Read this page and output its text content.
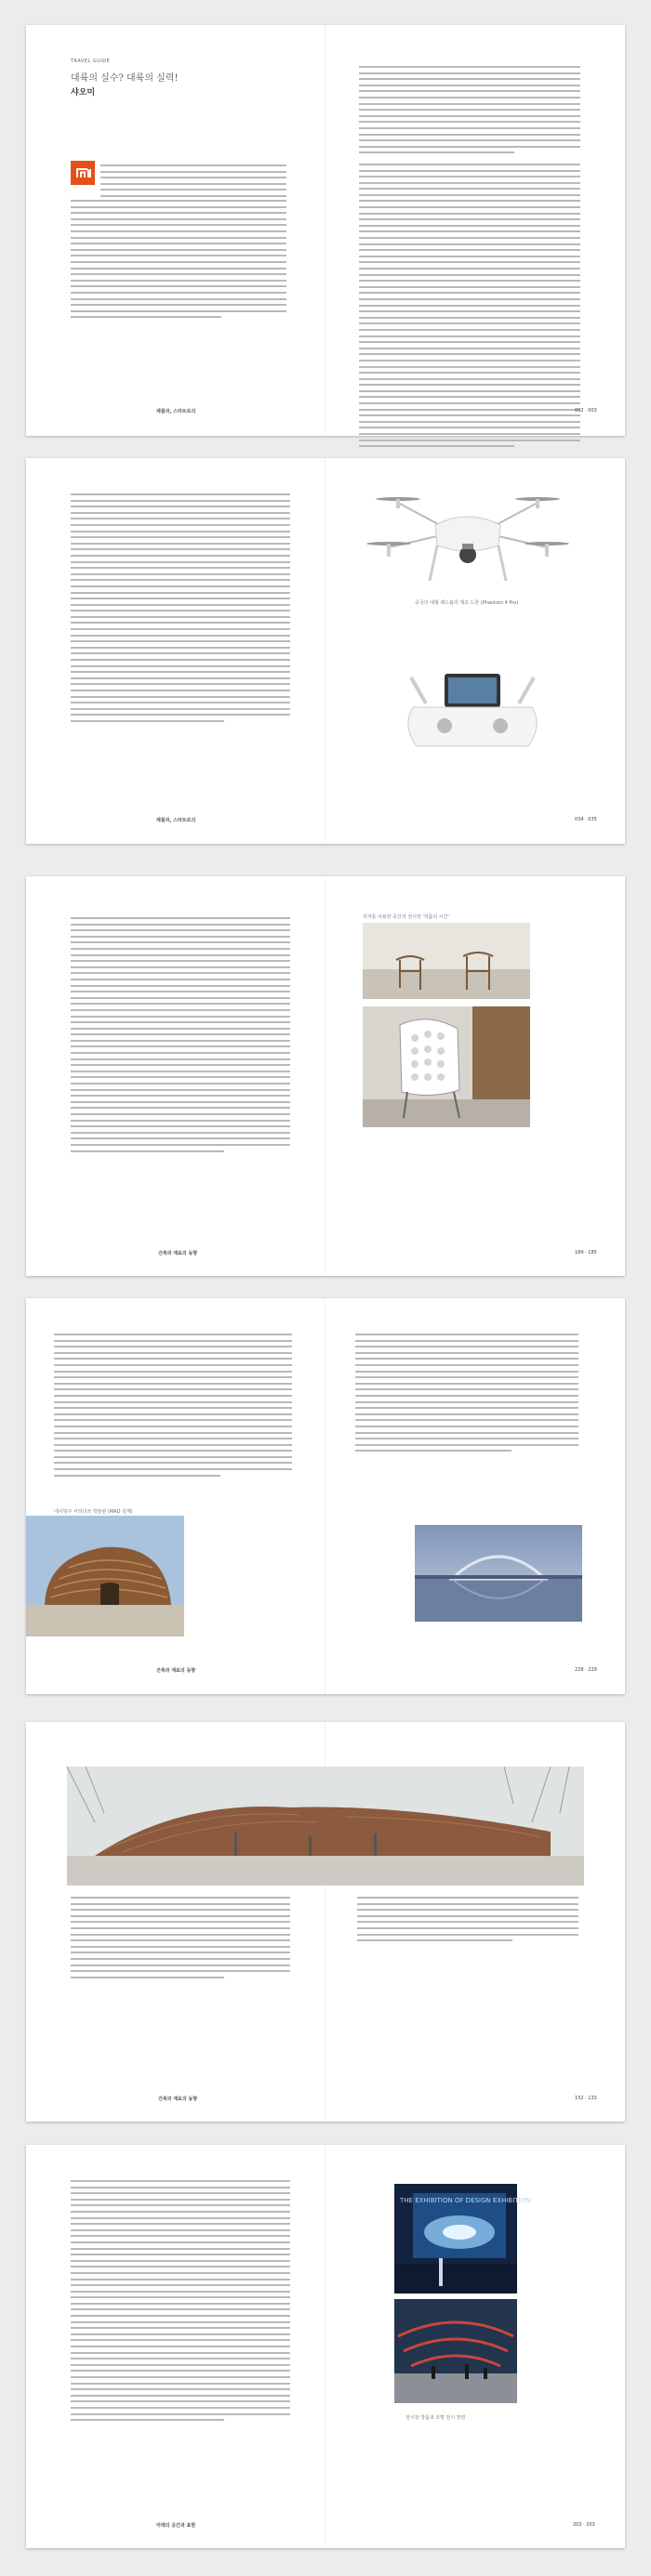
TRAVEL GUIDE
대륙의 실수? 대륙의 실력!
샤오미
제품과, 스타트로의	002 · 003
제품과, 스타트로의
중국의 대형 레드블의 제조 드론 (Phantom 4 Pro)
034 · 035
건축과 재료의 동향
의자를 사용한 공간의 전시장 '작품의 시간'
184 · 185
네이멍구 어러더쓰 박물관 (MAD 설계)
건축과 재료의 동향	228 · 229
건축과 재료의 동향	132 · 133
미래의 공간과 표현
THE EXHIBITION OF DESIGN EXHIBITION
전시장 작품과 조명 전시 장면
202 · 203
